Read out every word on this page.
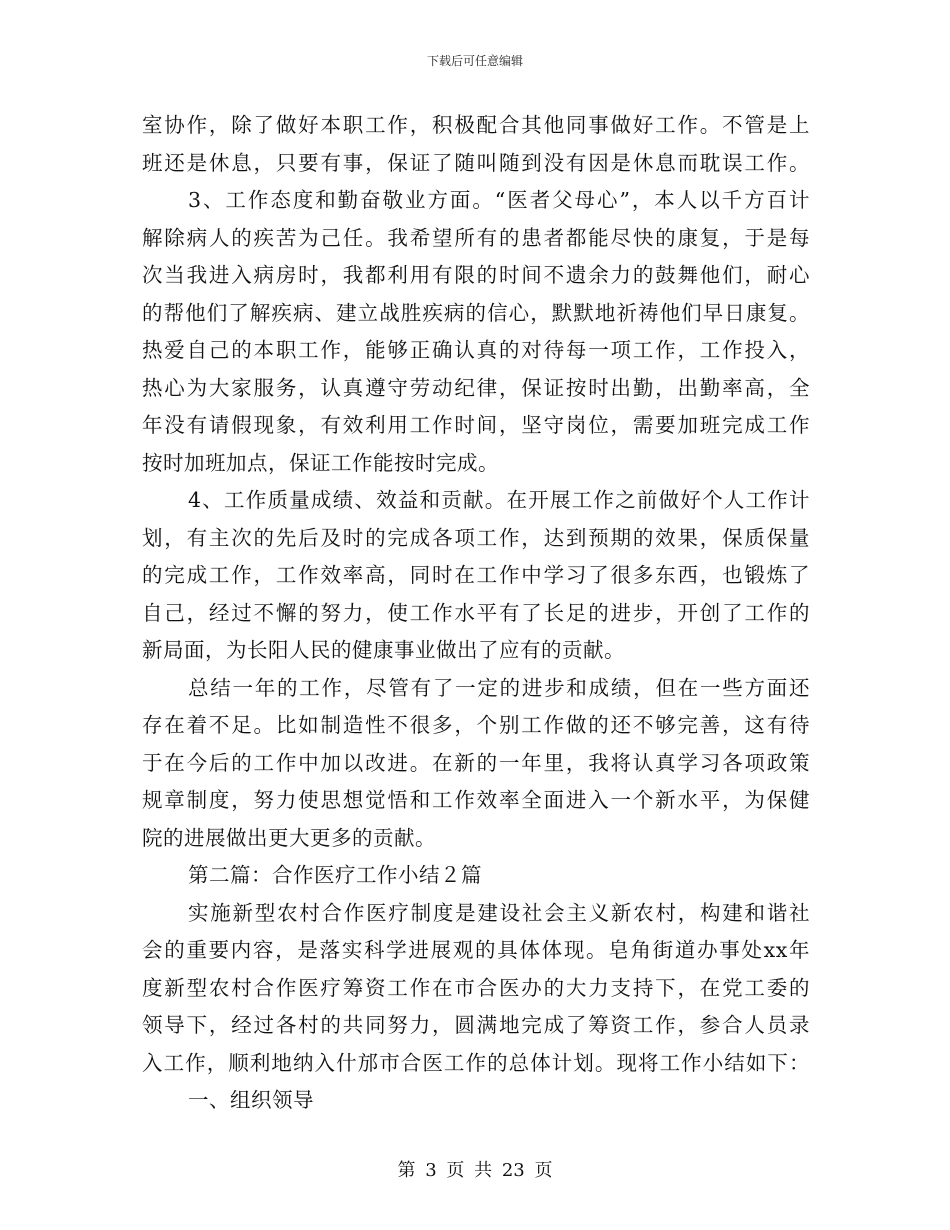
下载后可任意编辑
室协作，除了做好本职工作，积极配合其他同事做好工作。不管是上
班还是休息，只要有事，保证了随叫随到没有因是休息而耽误工作。
3、工作态度和勤奋敬业方面。“医者父母心”，本人以千方百计
解除病人的疾苦为己任。我希望所有的患者都能尽快的康复，于是每
次当我进入病房时，我都利用有限的时间不遗余力的鼓舞他们，耐心
的帮他们了解疾病、建立战胜疾病的信心，默默地祈祷他们早日康复。
热爱自己的本职工作，能够正确认真的对待每一项工作，工作投入，
热心为大家服务，认真遵守劳动纪律，保证按时出勤，出勤率高，全
年没有请假现象，有效利用工作时间，坚守岗位，需要加班完成工作
按时加班加点，保证工作能按时完成。
4、工作质量成绩、效益和贡献。在开展工作之前做好个人工作计
划，有主次的先后及时的完成各项工作，达到预期的效果，保质保量
的完成工作，工作效率高，同时在工作中学习了很多东西，也锻炼了
自己，经过不懈的努力，使工作水平有了长足的进步，开创了工作的
新局面，为长阳人民的健康事业做出了应有的贡献。
总结一年的工作，尽管有了一定的进步和成绩，但在一些方面还
存在着不足。比如制造性不很多，个别工作做的还不够完善，这有待
于在今后的工作中加以改进。在新的一年里，我将认真学习各项政策
规章制度，努力使思想觉悟和工作效率全面进入一个新水平，为保健
院的进展做出更大更多的贡献。
第二篇：合作医疗工作小结２篇
实施新型农村合作医疗制度是建设社会主义新农村，构建和谐社
会的重要内容，是落实科学进展观的具体体现。皂角街道办事处xx年
度新型农村合作医疗筹资工作在市合医办的大力支持下，在党工委的
领导下，经过各村的共同努力，圆满地完成了筹资工作，参合人员录
入工作，顺利地纳入什邡市合医工作的总体计划。现将工作小结如下：
一、组织领导
第 3 页 共 23 页
